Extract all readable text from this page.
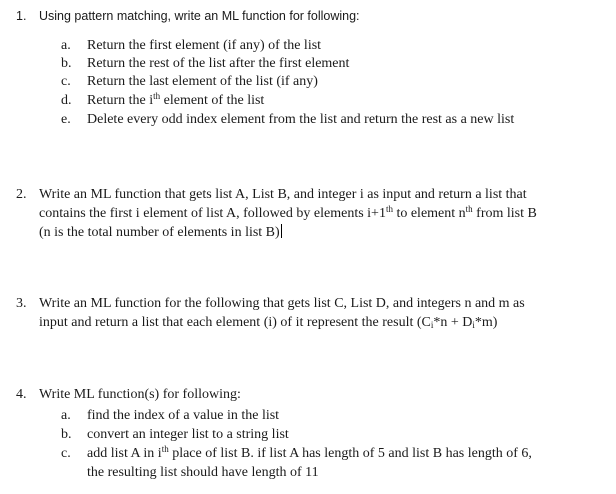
1. Using pattern matching, write an ML function for following:
a. Return the first element (if any) of the list
b. Return the rest of the list after the first element
c. Return the last element of the list (if any)
d. Return the $i^{th}$ element of the list
e. Delete every odd index element from the list and return the rest as a new list
2. Write an ML function that gets list A, List B, and integer i as input and return a list that
contains the first i element of list A, followed by elements i+1th to element $n^{th}$ from list B
(n is the total number of elements in list B)
3. Write an ML function for the following that gets list C, List D, and integers n and m as
input and return a list that each element (i) of it represent the result $(C_i*n + D_i*m)$
4. Write ML function(s) for following:
a. find the index of a value in the list
b. convert an integer list to a string list
c. add list A in $i^{th}$ place of list B. if list A has length of 5 and list B has length of 6,
the resulting list should have length of 11
